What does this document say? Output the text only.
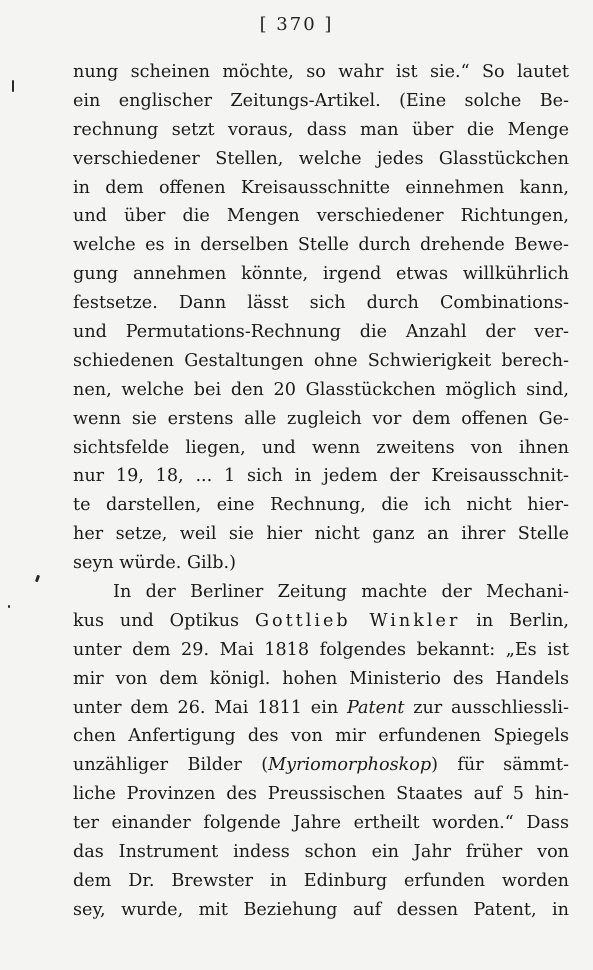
[ 370 ]
nung scheinen möchte, so wahr ist sie.“ So lautet
ein englischer Zeitungs-Artikel. (Eine solche Be-
rechnung setzt voraus, dass man über die Menge
verschiedener Stellen, welche jedes Glasstückchen
in dem offenen Kreisausschnitte einnehmen kann,
und über die Mengen verschiedener Richtungen,
welche es in derselben Stelle durch drehende Bewe-
gung annehmen könnte, irgend etwas willkührlich
festsetze. Dann lässt sich durch Combinations-
und Permutations-Rechnung die Anzahl der ver-
schiedenen Gestaltungen ohne Schwierigkeit berech-
nen, welche bei den 20 Glasstückchen möglich sind,
wenn sie erstens alle zugleich vor dem offenen Ge-
sichtsfelde liegen, und wenn zweitens von ihnen
nur 19, 18, ... 1 sich in jedem der Kreisausschnit-
te darstellen, eine Rechnung, die ich nicht hier-
her setze, weil sie hier nicht ganz an ihrer Stelle
seyn würde. Gilb.)
In der Berliner Zeitung machte der Mechani-
kus und Optikus Gottlieb Winkler in Berlin,
unter dem 29. Mai 1818 folgendes bekannt: „Es ist
mir von dem königl. hohen Ministerio des Handels
unter dem 26. Mai 1811 ein Patent zur ausschliessli-
chen Anfertigung des von mir erfundenen Spiegels
unzähliger Bilder (Myriomorphoskop) für sämmt-
liche Provinzen des Preussischen Staates auf 5 hin-
ter einander folgende Jahre ertheilt worden.“ Dass
das Instrument indess schon ein Jahr früher von
dem Dr. Brewster in Edinburg erfunden worden
sey, wurde, mit Beziehung auf dessen Patent, in
